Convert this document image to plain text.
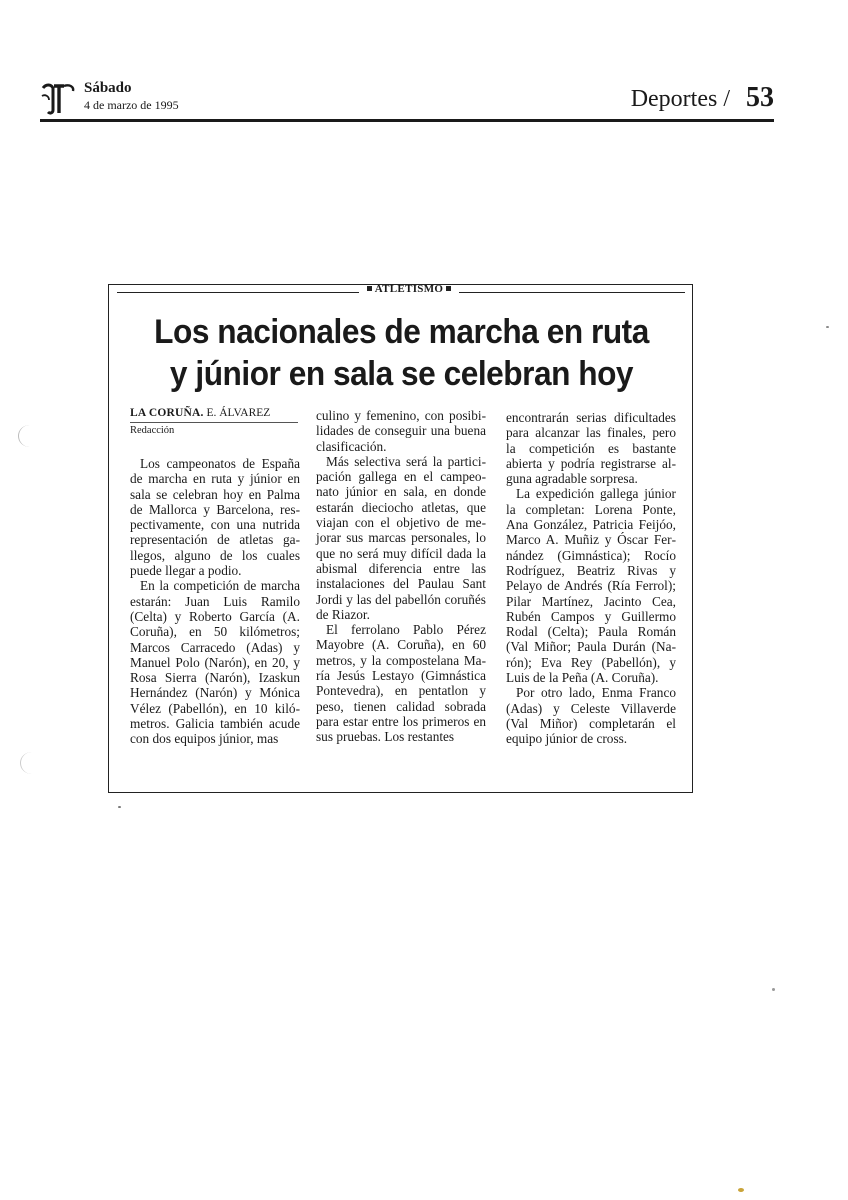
Sábado
4 de marzo de 1995	Deportes / 53
ATLETISMO
Los nacionales de marcha en ruta
y júnior en sala se celebran hoy
LA CORUÑA. E. ÁLVAREZ
Redacción

Los campeonatos de España de marcha en ruta y júnior en sala se celebran hoy en Palma de Mallorca y Barcelona, respectivamente, con una nutrida representación de atletas gallegos, alguno de los cuales puede llegar a podio.

En la competición de marcha estarán: Juan Luis Ramilo (Celta) y Roberto García (A. Coruña), en 50 kilómetros; Marcos Carracedo (Adas) y Manuel Polo (Narón), en 20, y Rosa Sierra (Narón), Izaskun Hernández (Narón) y Mónica Vélez (Pabellón), en 10 kilómetros. Galicia también acude con dos equipos júnior, mas

culino y femenino, con posibilidades de conseguir una buena clasificación.

Más selectiva será la participación gallega en el campeonato júnior en sala, en donde estarán dieciocho atletas, que viajan con el objetivo de mejorar sus marcas personales, lo que no será muy difícil dada la abismal diferencia entre las instalaciones del Paulau Sant Jordi y las del pabellón coruñés de Riazor.

El ferrolano Pablo Pérez Mayobre (A. Coruña), en 60 metros, y la compostelana María Jesús Lestayo (Gimnástica Pontevedra), en pentatlon y peso, tienen calidad sobrada para estar entre los primeros en sus pruebas. Los restantes

encontrarán serias dificultades para alcanzar las finales, pero la competición es bastante abierta y podría registrarse alguna agradable sorpresa.

La expedición gallega júnior la completan: Lorena Ponte, Ana González, Patricia Feijóo, Marco A. Muñiz y Óscar Fernández (Gimnástica); Rocío Rodríguez, Beatriz Rivas y Pelayo de Andrés (Ría Ferrol); Pilar Martínez, Jacinto Cea, Rubén Campos y Guillermo Rodal (Celta); Paula Román (Val Miñor; Paula Durán (Narón); Eva Rey (Pabellón), y Luis de la Peña (A. Coruña).

Por otro lado, Enma Franco (Adas) y Celeste Villaverde (Val Miñor) completarán el equipo júnior de cross.
